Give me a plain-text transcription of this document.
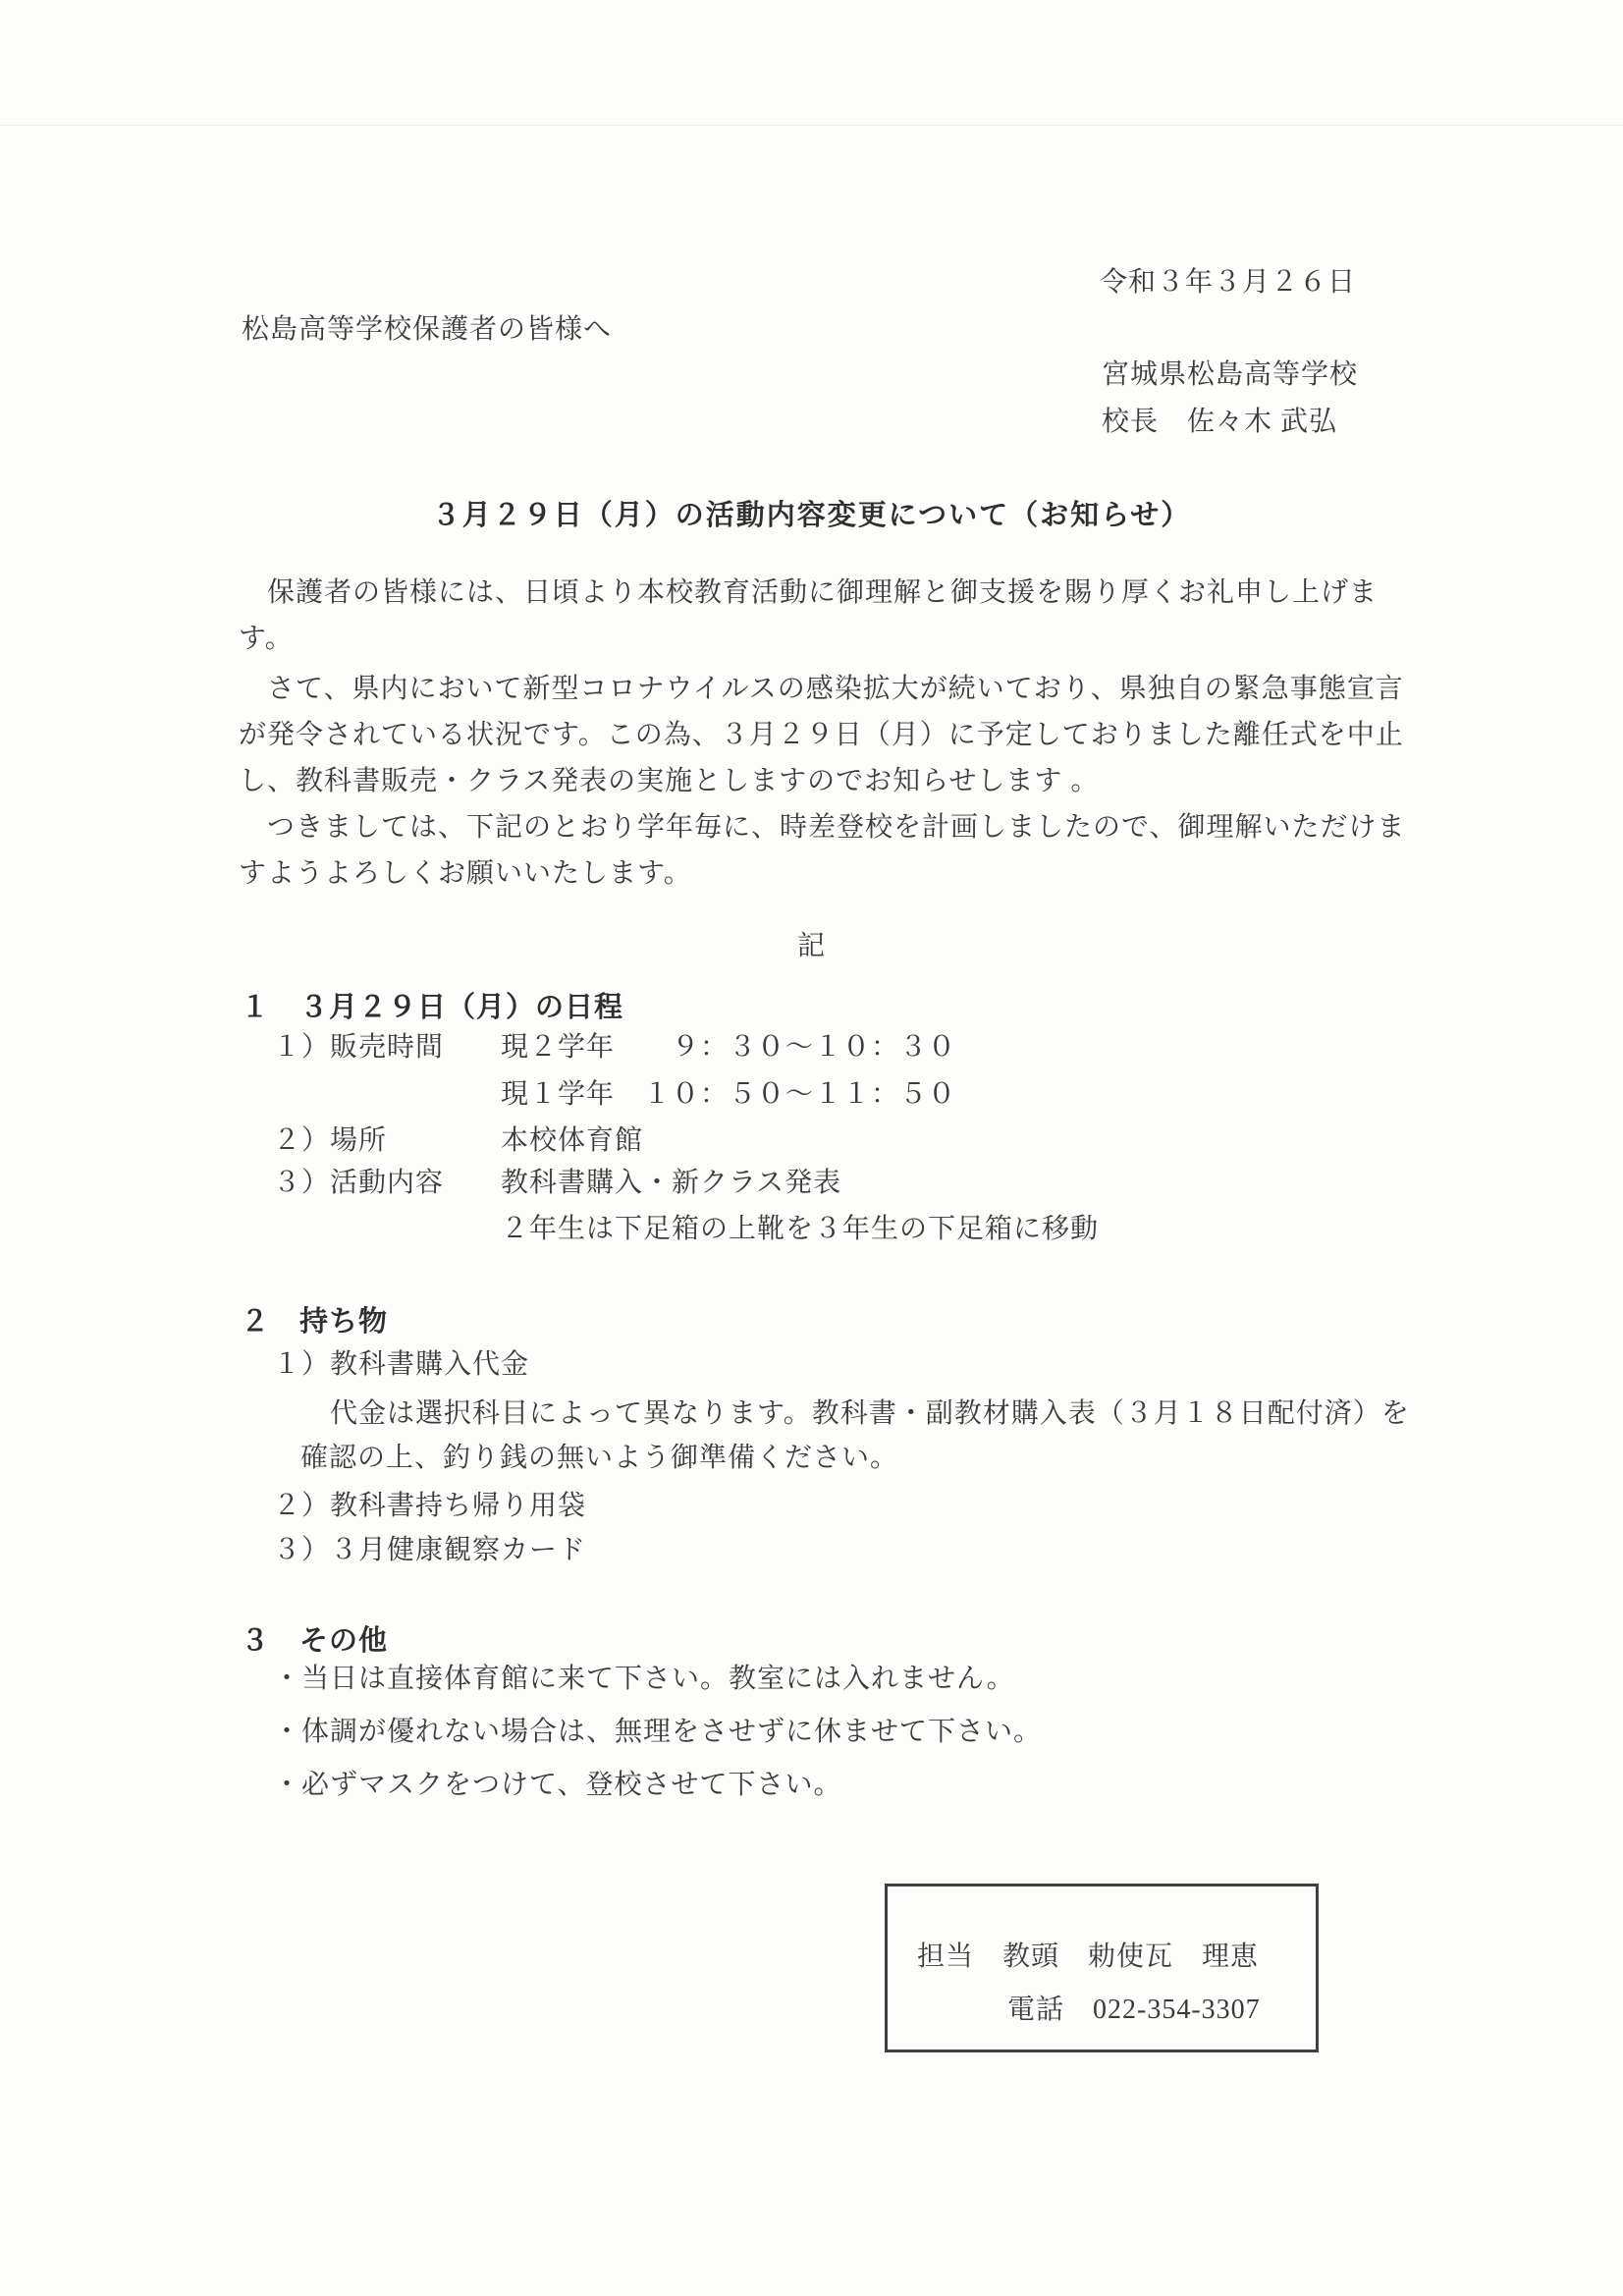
令和３年３月２６日
松島高等学校保護者の皆様へ
宮城県松島高等学校
校長　佐々木 武弘
３月２９日（月）の活動内容変更について（お知らせ）
　保護者の皆様には、日頃より本校教育活動に御理解と御支援を賜り厚くお礼申し上げま
す。
　さて、県内において新型コロナウイルスの感染拡大が続いており、県独自の緊急事態宣言
が発令されている状況です。この為、３月２９日（月）に予定しておりました離任式を中止
し、教科書販売・クラス発表の実施としますのでお知らせします 。
　つきましては、下記のとおり学年毎に、時差登校を計画しましたので、御理解いただけま
すようよろしくお願いいたします。
記
１　３月２９日（月）の日程
１）販売時間 現２学年　　９：３０～１０：３０
現１学年　１０：５０～１１：５０
２）場所	本校体育館
３）活動内容 教科書購入・新クラス発表
２年生は下足箱の上靴を３年生の下足箱に移動
２　持ち物
１）教科書購入代金
代金は選択科目によって異なります。教科書・副教材購入表（３月１８日配付済）を
確認の上、釣り銭の無いよう御準備ください。
２）教科書持ち帰り用袋
３）３月健康観察カード
３　その他
・当日は直接体育館に来て下さい。教室には入れません。
・体調が優れない場合は、無理をさせずに休ませて下さい。
・必ずマスクをつけて、登校させて下さい。
担当　教頭　勅使瓦　理恵
電話　022-354-3307
